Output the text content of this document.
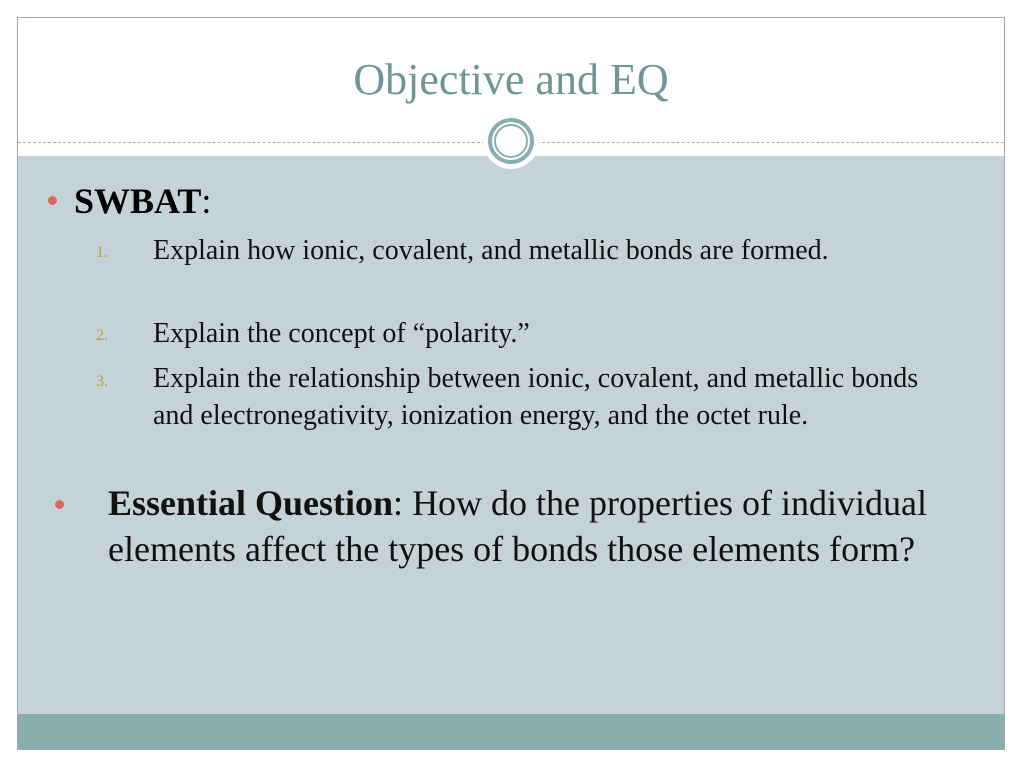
Objective and EQ
SWBAT:
1. Explain how ionic, covalent, and metallic bonds are formed.
2. Explain the concept of “polarity.”
3. Explain the relationship between ionic, covalent, and metallic bonds and electronegativity, ionization energy, and the octet rule.
Essential Question: How do the properties of individual elements affect the types of bonds those elements form?
